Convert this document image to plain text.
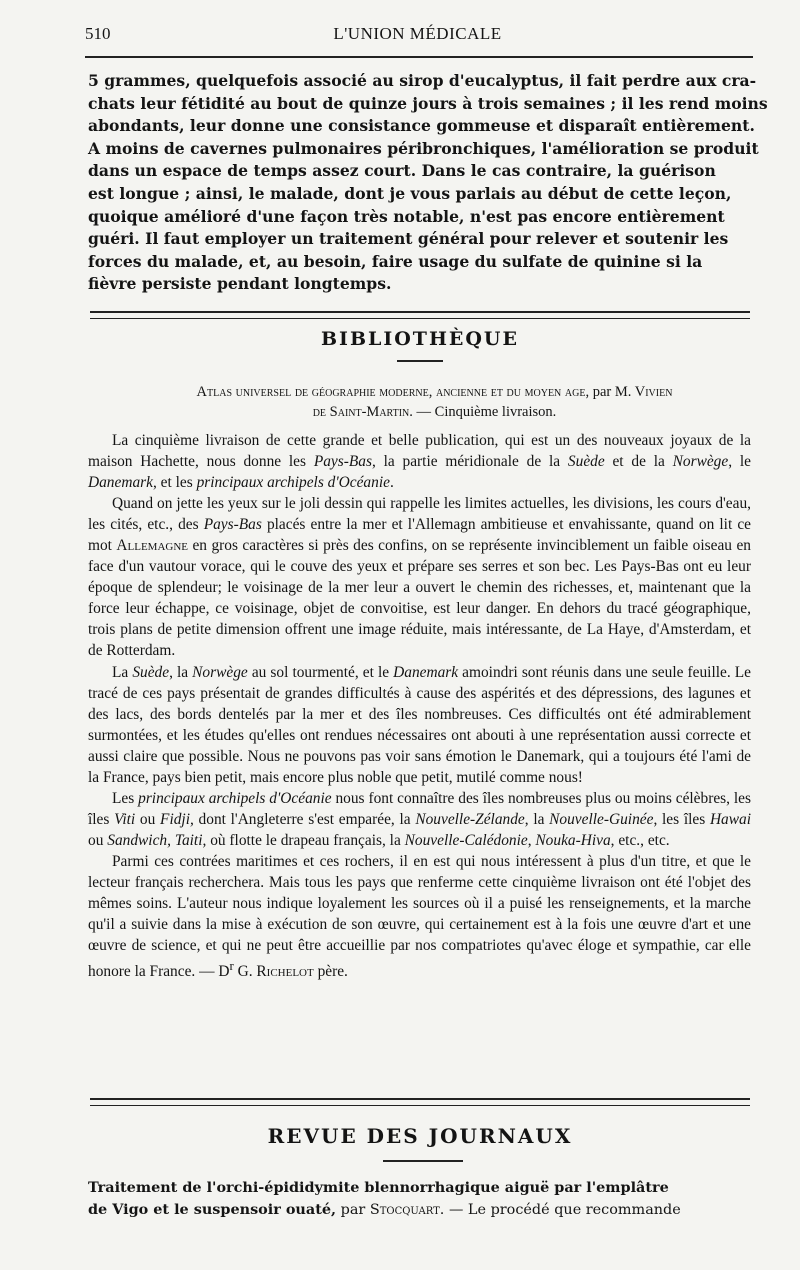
510	L'UNION MÉDICALE
5 grammes, quelquefois associé au sirop d'eucalyptus, il fait perdre aux cra-
chats leur fétidité au bout de quinze jours à trois semaines ; il les rend moins
abondants, leur donne une consistance gommeuse et disparaît entièrement.
A moins de cavernes pulmonaires péribronchiques, l'amélioration se produit
dans un espace de temps assez court. Dans le cas contraire, la guérison
est longue ; ainsi, le malade, dont je vous parlais au début de cette leçon,
quoique amélioré d'une façon très notable, n'est pas encore entièrement
guéri. Il faut employer un traitement général pour relever et soutenir les
forces du malade, et, au besoin, faire usage du sulfate de quinine si la
fièvre persiste pendant longtemps.
BIBLIOTHÈQUE
Atlas universel de géographie moderne, ancienne et du moyen age, par M. Vivien
de Saint-Martin. — Cinquième livraison.

La cinquième livraison de cette grande et belle publication, qui est un des nouveaux joyaux de la maison Hachette, nous donne les Pays-Bas, la partie méridionale de la Suède et de la Norwège, le Danemark, et les principaux archipels d'Océanie.

Quand on jette les yeux sur le joli dessin qui rappelle les limites actuelles, les divisions, les cours d'eau, les cités, etc., des Pays-Bas placés entre la mer et l'Allemagn ambitieuse et envahissante, quand on lit ce mot Allemagne en gros caractères si près des confins, on se représente invinciblement un faible oiseau en face d'un vautour vorace, qui le couve des yeux et prépare ses serres et son bec. Les Pays-Bas ont eu leur époque de splendeur; le voisinage de la mer leur a ouvert le chemin des richesses, et, maintenant que la force leur échappe, ce voisinage, objet de convoitise, est leur danger. En dehors du tracé géographique, trois plans de petite dimension offrent une image réduite, mais intéressante, de La Haye, d'Amsterdam, et de Rotterdam.

La Suède, la Norwège au sol tourmenté, et le Danemark amoindri sont réunis dans une seule feuille. Le tracé de ces pays présentait de grandes difficultés à cause des aspérités et des dépressions, des lagunes et des lacs, des bords dentelés par la mer et des îles nombreuses. Ces difficultés ont été admirablement surmontées, et les études qu'elles ont rendues nécessaires ont abouti à une représentation aussi correcte et aussi claire que possible. Nous ne pouvons pas voir sans émotion le Danemark, qui a toujours été l'ami de la France, pays bien petit, mais encore plus noble que petit, mutilé comme nous!

Les principaux archipels d'Océanie nous font connaître des îles nombreuses plus ou moins célèbres, les îles Viti ou Fidji, dont l'Angleterre s'est emparée, la Nouvelle-Zélande, la Nouvelle-Guinée, les îles Hawai ou Sandwich, Taiti, où flotte le drapeau français, la Nouvelle-Calédonie, Nouka-Hiva, etc., etc.

Parmi ces contrées maritimes et ces rochers, il en est qui nous intéressent à plus d'un titre, et que le lecteur français recherchera. Mais tous les pays que renferme cette cinquième livraison ont été l'objet des mêmes soins. L'auteur nous indique loyalement les sources où il a puisé les renseignements, et la marche qu'il a suivie dans la mise à exécution de son œuvre, qui certainement est à la fois une œuvre d'art et une œuvre de science, et qui ne peut être accueillie par nos compatriotes qu'avec éloge et sympathie, car elle honore la France. — $D^r$ G. Richelot père.

REVUE DES JOURNAUX
Traitement de l'orchi-épididymite blennorrhagique aiguë par l'emplâtre
de Vigo et le suspensoir ouaté, par Stocquart. — Le procédé que recommande
